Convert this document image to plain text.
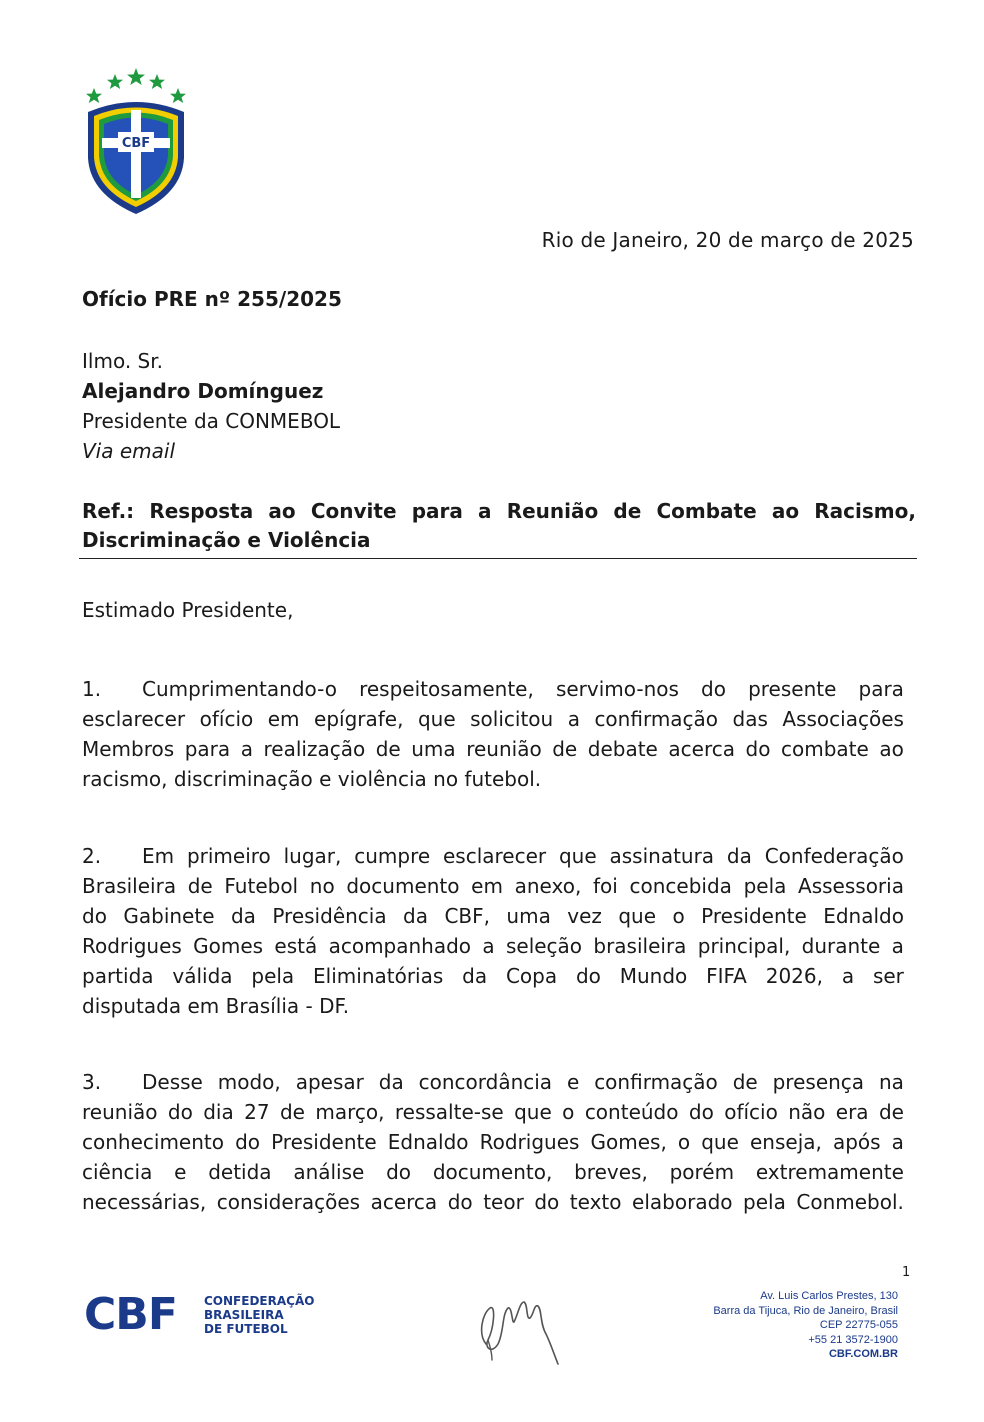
CBF
Rio de Janeiro, 20 de março de 2025
Ofício PRE nº 255/2025
Ilmo. Sr.
Alejandro Domínguez
Presidente da CONMEBOL
Via email
Ref.: Resposta ao Convite para a Reunião de Combate ao Racismo,
Discriminação e Violência
Estimado Presidente,
1.	Cumprimentando-o respeitosamente, servimo-nos do presente para
esclarecer ofício em epígrafe, que solicitou a confirmação das Associações
Membros para a realização de uma reunião de debate acerca do combate ao
racismo, discriminação e violência no futebol.
2.	Em primeiro lugar, cumpre esclarecer que assinatura da Confederação
Brasileira de Futebol no documento em anexo, foi concebida pela Assessoria
do Gabinete da Presidência da CBF, uma vez que o Presidente Ednaldo
Rodrigues Gomes está acompanhado a seleção brasileira principal, durante a
partida válida pela Eliminatórias da Copa do Mundo FIFA 2026, a ser
disputada em Brasília - DF.
3.	Desse modo, apesar da concordância e confirmação de presença na
reunião do dia 27 de março, ressalte-se que o conteúdo do ofício não era de
conhecimento do Presidente Ednaldo Rodrigues Gomes, o que enseja, após a
ciência e detida análise do documento, breves, porém extremamente
necessárias, considerações acerca do teor do texto elaborado pela Conmebol.
1
CBF CONFEDERAÇÃO
BRASILEIRA
DE FUTEBOL
Av. Luis Carlos Prestes, 130
Barra da Tijuca, Rio de Janeiro, Brasil
CEP 22775-055
+55 21 3572-1900
CBF.COM.BR
